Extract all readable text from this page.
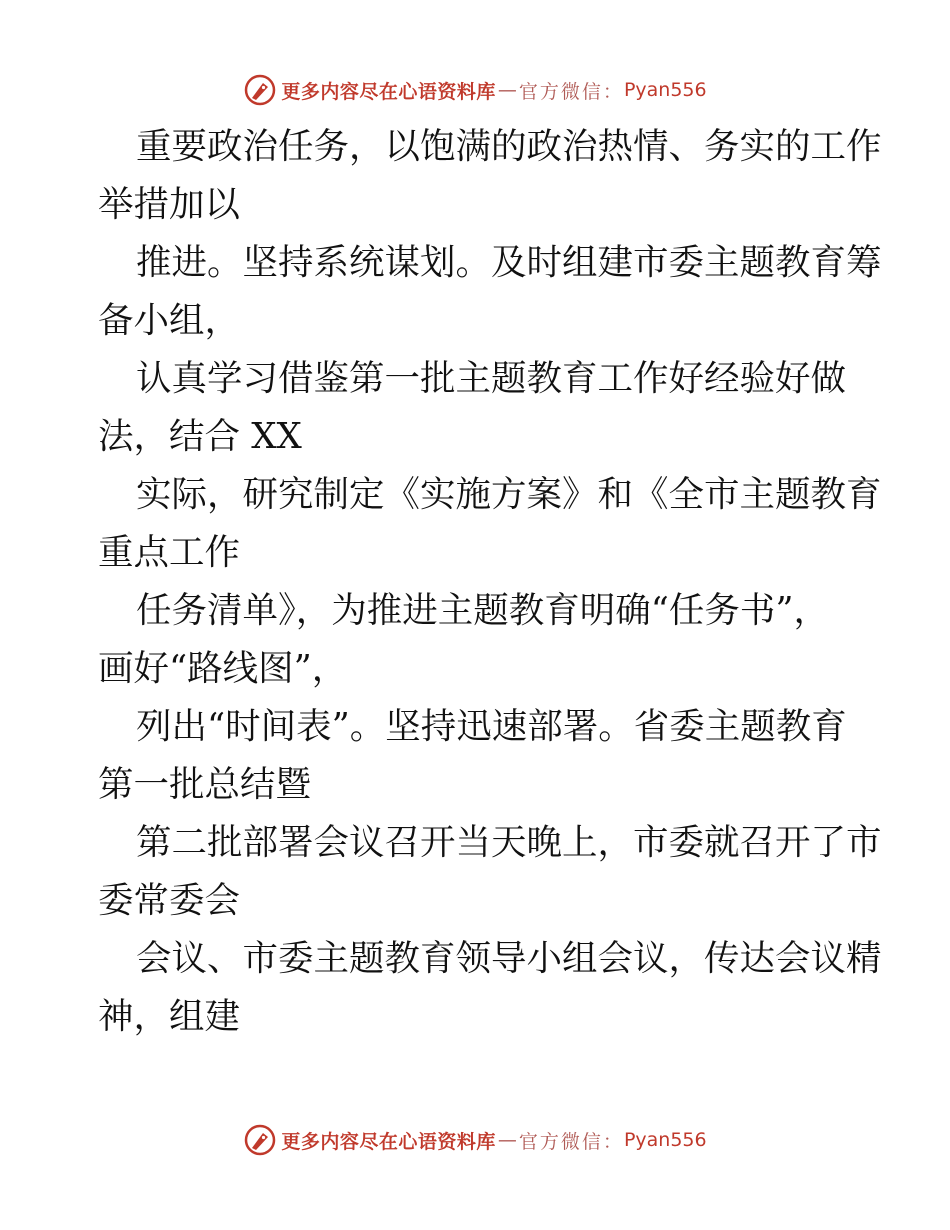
更多内容尽在心语资料库 — 官方微信： Pyan556

重要政治任务，以饱满的政治热情、务实的工作
举措加以

推进。坚持系统谋划。及时组建市委主题教育筹
备小组，

认真学习借鉴第一批主题教育工作好经验好做
法，结合 XX

实际，研究制定《实施方案》和《全市主题教育
重点工作

任务清单》，为推进主题教育明确“任务书”，
画好“路线图”，

列出“时间表”。坚持迅速部署。省委主题教育
第一批总结暨

第二批部署会议召开当天晚上，市委就召开了市
委常委会

会议、市委主题教育领导小组会议，传达会议精
神，组建

更多内容尽在心语资料库 — 官方微信： Pyan556
